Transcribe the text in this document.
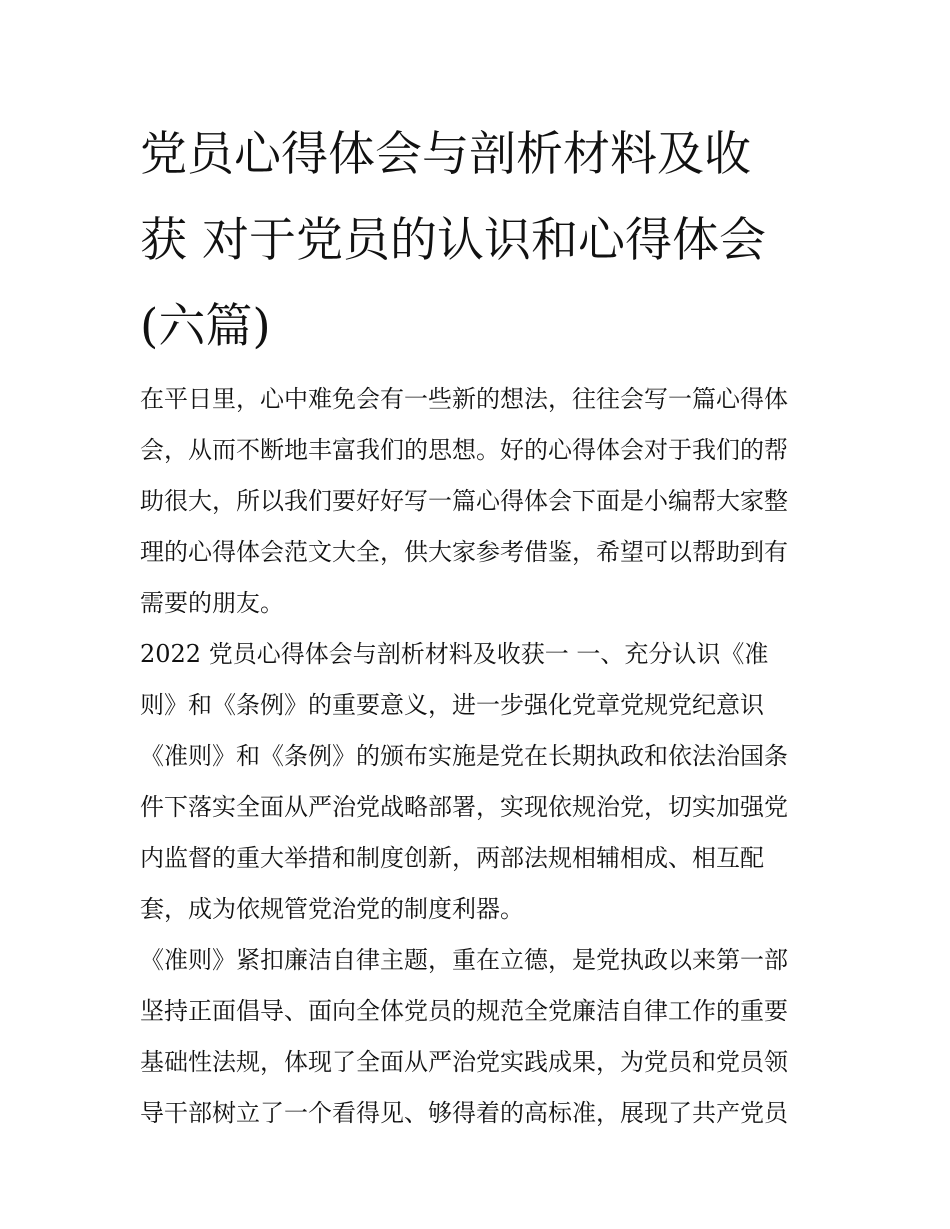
党员心得体会与剖析材料及收
获 对于党员的认识和心得体会
(六篇)

在平日里，心中难免会有一些新的想法，往往会写一篇心得体
会，从而不断地丰富我们的思想。好的心得体会对于我们的帮
助很大，所以我们要好好写一篇心得体会下面是小编帮大家整
理的心得体会范文大全，供大家参考借鉴，希望可以帮助到有
需要的朋友。

2022 党员心得体会与剖析材料及收获一 一、充分认识《准
则》和《条例》的重要意义，进一步强化党章党规党纪意识
《准则》和《条例》的颁布实施是党在长期执政和依法治国条
件下落实全面从严治党战略部署，实现依规治党，切实加强党
内监督的重大举措和制度创新，两部法规相辅相成、相互配
套，成为依规管党治党的制度利器。

《准则》紧扣廉洁自律主题，重在立德，是党执政以来第一部
坚持正面倡导、面向全体党员的规范全党廉洁自律工作的重要
基础性法规，体现了全面从严治党实践成果，为党员和党员领
导干部树立了一个看得见、够得着的高标准，展现了共产党员
